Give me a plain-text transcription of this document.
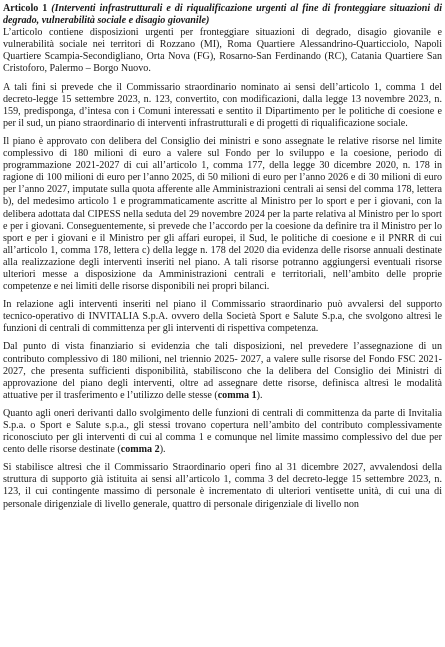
Articolo 1 (Interventi infrastrutturali e di riqualificazione urgenti al fine di fronteggiare situazioni di degrado, vulnerabilità sociale e disagio giovanile)

L’articolo contiene disposizioni urgenti per fronteggiare situazioni di degrado, disagio giovanile e vulnerabilità sociale nei territori di Rozzano (MI), Roma Quartiere Alessandrino-Quarticciolo, Napoli Quartiere Scampia-Secondigliano, Orta Nova (FG), Rosarno-San Ferdinando (RC), Catania Quartiere San Cristoforo, Palermo – Borgo Nuovo.

A tali fini si prevede che il Commissario straordinario nominato ai sensi dell’articolo 1, comma 1 del decreto-legge 15 settembre 2023, n. 123, convertito, con modificazioni, dalla legge 13 novembre 2023, n. 159, predisponga, d’intesa con i Comuni interessati e sentito il Dipartimento per le politiche di coesione e per il sud, un piano straordinario di interventi infrastrutturali e di progetti di riqualificazione sociale.

Il piano è approvato con delibera del Consiglio dei ministri e sono assegnate le relative risorse nel limite complessivo di 180 milioni di euro a valere sul Fondo per lo sviluppo e la coesione, periodo di programmazione 2021-2027 di cui all’articolo 1, comma 177, della legge 30 dicembre 2020, n. 178 in ragione di 100 milioni di euro per l’anno 2025, di 50 milioni di euro per l’anno 2026 e di 30 milioni di euro per l’anno 2027, imputate sulla quota afferente alle Amministrazioni centrali ai sensi del comma 178, lettera b), del medesimo articolo 1 e programmaticamente ascritte al Ministro per lo sport e per i giovani, con la delibera adottata dal CIPESS nella seduta del 29 novembre 2024 per la parte relativa al Ministro per lo sport e per i giovani. Conseguentemente, si prevede che l’accordo per la coesione da definire tra il Ministro per lo sport e per i giovani e il Ministro per gli affari europei, il Sud, le politiche di coesione e il PNRR di cui all’articolo 1, comma 178, lettera c) della legge n. 178 del 2020 dia evidenza delle risorse annuali destinate alla realizzazione degli interventi inseriti nel piano. A tali risorse potranno aggiungersi eventuali risorse ulteriori messe a disposizione da Amministrazioni centrali e territoriali, nell’ambito delle proprie competenze e nei limiti delle risorse disponibili nei propri bilanci.

In relazione agli interventi inseriti nel piano il Commissario straordinario può avvalersi del supporto tecnico-operativo di INVITALIA S.p.A. ovvero della Società Sport e Salute S.p.a, che svolgono altresì le funzioni di centrali di committenza per gli interventi di rispettiva competenza.

Dal punto di vista finanziario si evidenzia che tali disposizioni, nel prevedere l’assegnazione di un contributo complessivo di 180 milioni, nel triennio 2025- 2027, a valere sulle risorse del Fondo FSC 2021-2027, che presenta sufficienti disponibilità, stabiliscono che la delibera del Consiglio dei Ministri di approvazione del piano degli interventi, oltre ad assegnare dette risorse, definisca altresì le modalità attuative per il trasferimento e l’utilizzo delle stesse (comma 1).

Quanto agli oneri derivanti dallo svolgimento delle funzioni di centrali di committenza da parte di Invitalia S.p.a. o Sport e Salute s.p.a., gli stessi trovano copertura nell’ambito del contributo complessivamente riconosciuto per gli interventi di cui al comma 1 e comunque nel limite massimo complessivo del due per cento delle risorse destinate (comma 2).

Si stabilisce altresì che il Commissario Straordinario operi fino al 31 dicembre 2027, avvalendosi della struttura di supporto già istituita ai sensi all’articolo 1, comma 3 del decreto-legge 15 settembre 2023, n. 123, il cui contingente massimo di personale è incrementato di ulteriori ventisette unità, di cui una di personale dirigenziale di livello generale, quattro di personale dirigenziale di livello non
